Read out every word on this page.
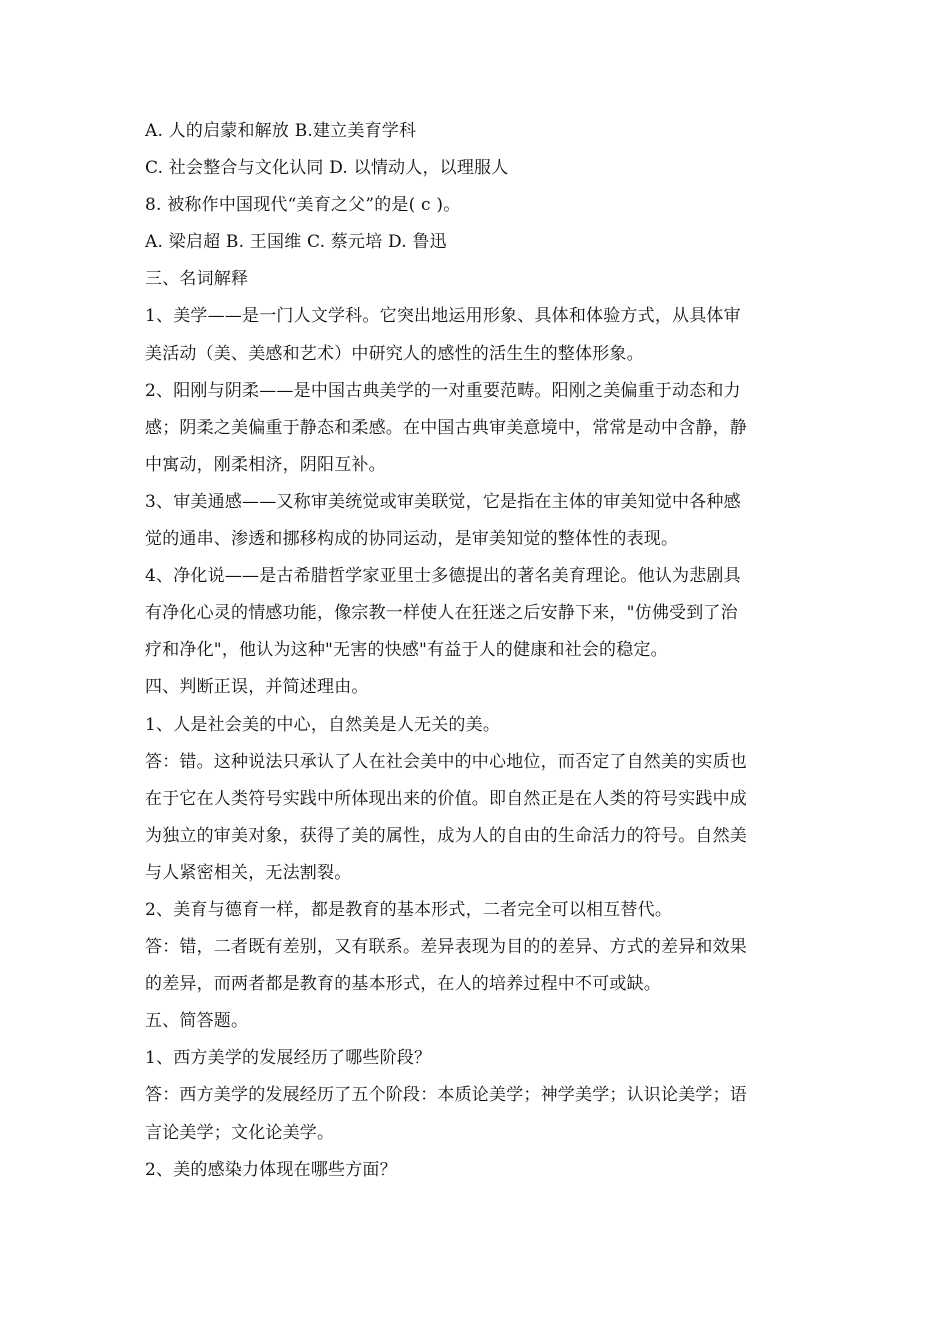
A. 人的启蒙和解放 B.建立美育学科

C. 社会整合与文化认同 D. 以情动人，以理服人

8. 被称作中国现代“美育之父”的是( c )。

A. 梁启超 B. 王国维 C. 蔡元培 D. 鲁迅

三、名词解释

1、美学——是一门人文学科。它突出地运用形象、具体和体验方式，从具体审

美活动（美、美感和艺术）中研究人的感性的活生生的整体形象。

2、阳刚与阴柔——是中国古典美学的一对重要范畴。阳刚之美偏重于动态和力

感；阴柔之美偏重于静态和柔感。在中国古典审美意境中，常常是动中含静，静

中寓动，刚柔相济，阴阳互补。

3、审美通感——又称审美统觉或审美联觉，它是指在主体的审美知觉中各种感

觉的通串、渗透和挪移构成的协同运动，是审美知觉的整体性的表现。

4、净化说——是古希腊哲学家亚里士多德提出的著名美育理论。他认为悲剧具

有净化心灵的情感功能，像宗教一样使人在狂迷之后安静下来，"仿佛受到了治

疗和净化"，他认为这种"无害的快感"有益于人的健康和社会的稳定。

四、判断正误，并简述理由。

1、人是社会美的中心，自然美是人无关的美。

答：错。这种说法只承认了人在社会美中的中心地位，而否定了自然美的实质也

在于它在人类符号实践中所体现出来的价值。即自然正是在人类的符号实践中成

为独立的审美对象，获得了美的属性，成为人的自由的生命活力的符号。自然美

与人紧密相关，无法割裂。

2、美育与德育一样，都是教育的基本形式，二者完全可以相互替代。

答：错，二者既有差别，又有联系。差异表现为目的的差异、方式的差异和效果

的差异，而两者都是教育的基本形式，在人的培养过程中不可或缺。

五、简答题。

1、西方美学的发展经历了哪些阶段？

答：西方美学的发展经历了五个阶段：本质论美学；神学美学；认识论美学；语

言论美学；文化论美学。

2、美的感染力体现在哪些方面？
